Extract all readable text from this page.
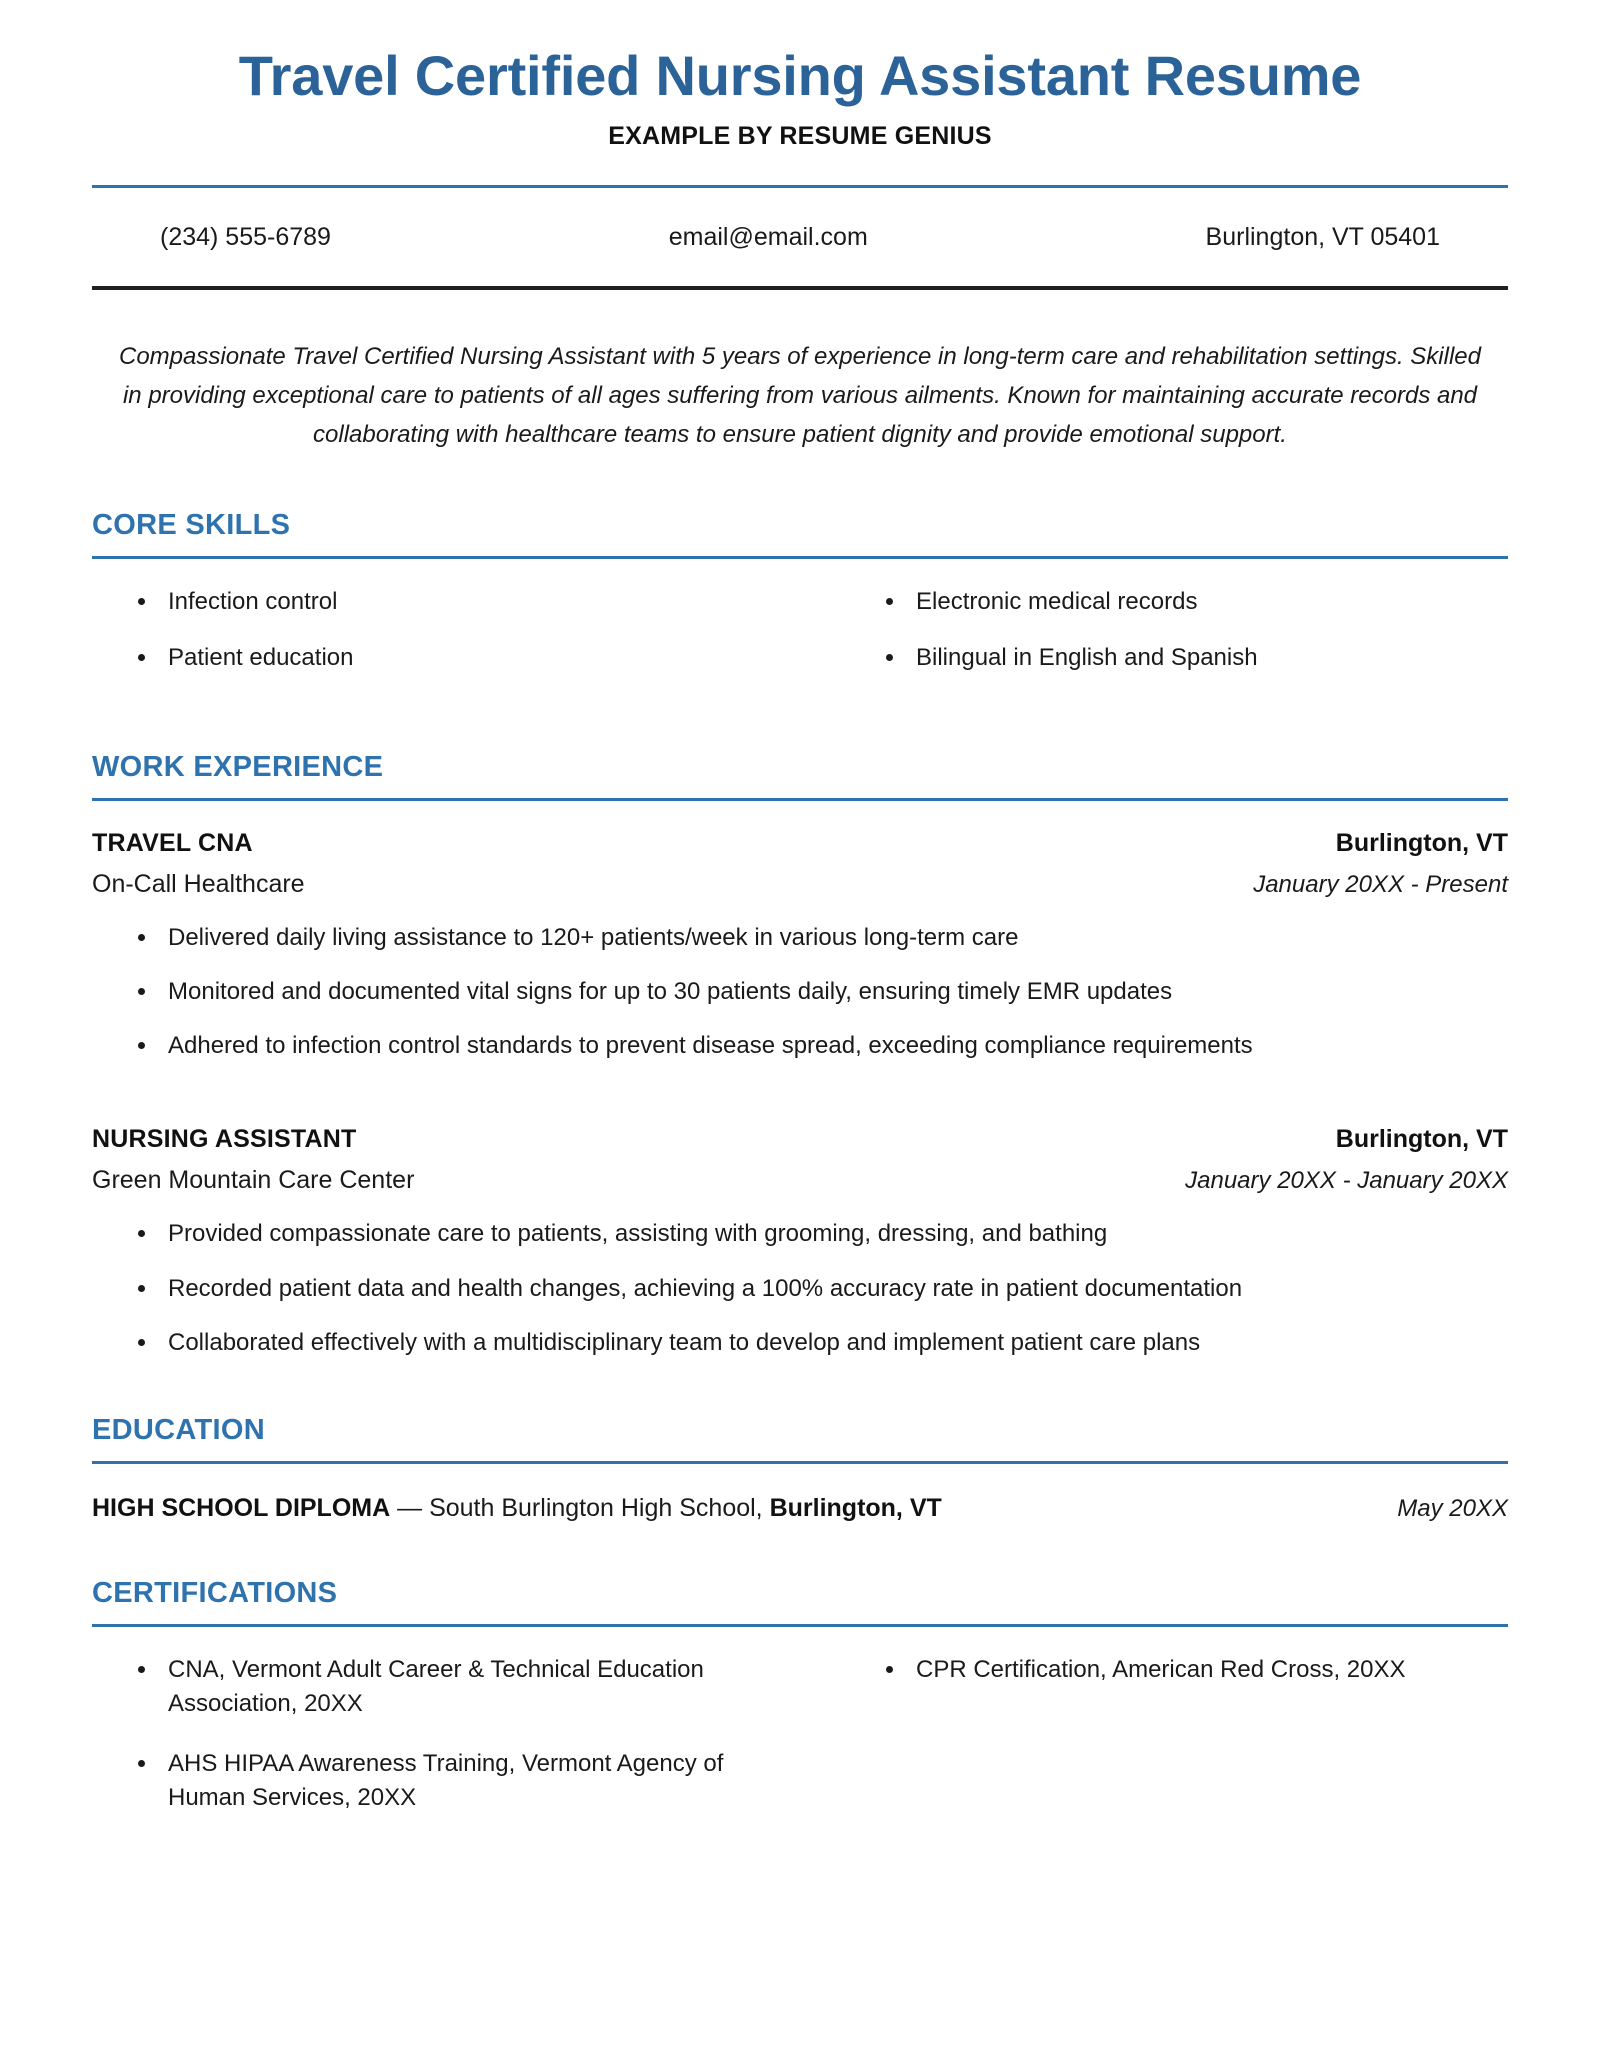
Travel Certified Nursing Assistant Resume
EXAMPLE BY RESUME GENIUS
(234) 555-6789	email@email.com	Burlington, VT 05401

Compassionate Travel Certified Nursing Assistant with 5 years of experience in long-term care and rehabilitation settings. Skilled in providing exceptional care to patients of all ages suffering from various ailments. Known for maintaining accurate records and collaborating with healthcare teams to ensure patient dignity and provide emotional support.

CORE SKILLS
Infection control
Patient education
Electronic medical records
Bilingual in English and Spanish
WORK EXPERIENCE
TRAVEL CNA	Burlington, VT
On-Call Healthcare	January 20XX - Present
Delivered daily living assistance to 120+ patients/week in various long-term care
Monitored and documented vital signs for up to 30 patients daily, ensuring timely EMR updates
Adhered to infection control standards to prevent disease spread, exceeding compliance requirements
NURSING ASSISTANT	Burlington, VT
Green Mountain Care Center	January 20XX - January 20XX
Provided compassionate care to patients, assisting with grooming, dressing, and bathing
Recorded patient data and health changes, achieving a 100% accuracy rate in patient documentation
Collaborated effectively with a multidisciplinary team to develop and implement patient care plans
EDUCATION
HIGH SCHOOL DIPLOMA — South Burlington High School, Burlington, VT	May 20XX
CERTIFICATIONS
CNA, Vermont Adult Career & Technical Education Association, 20XX
AHS HIPAA Awareness Training, Vermont Agency of Human Services, 20XX
CPR Certification, American Red Cross, 20XX
